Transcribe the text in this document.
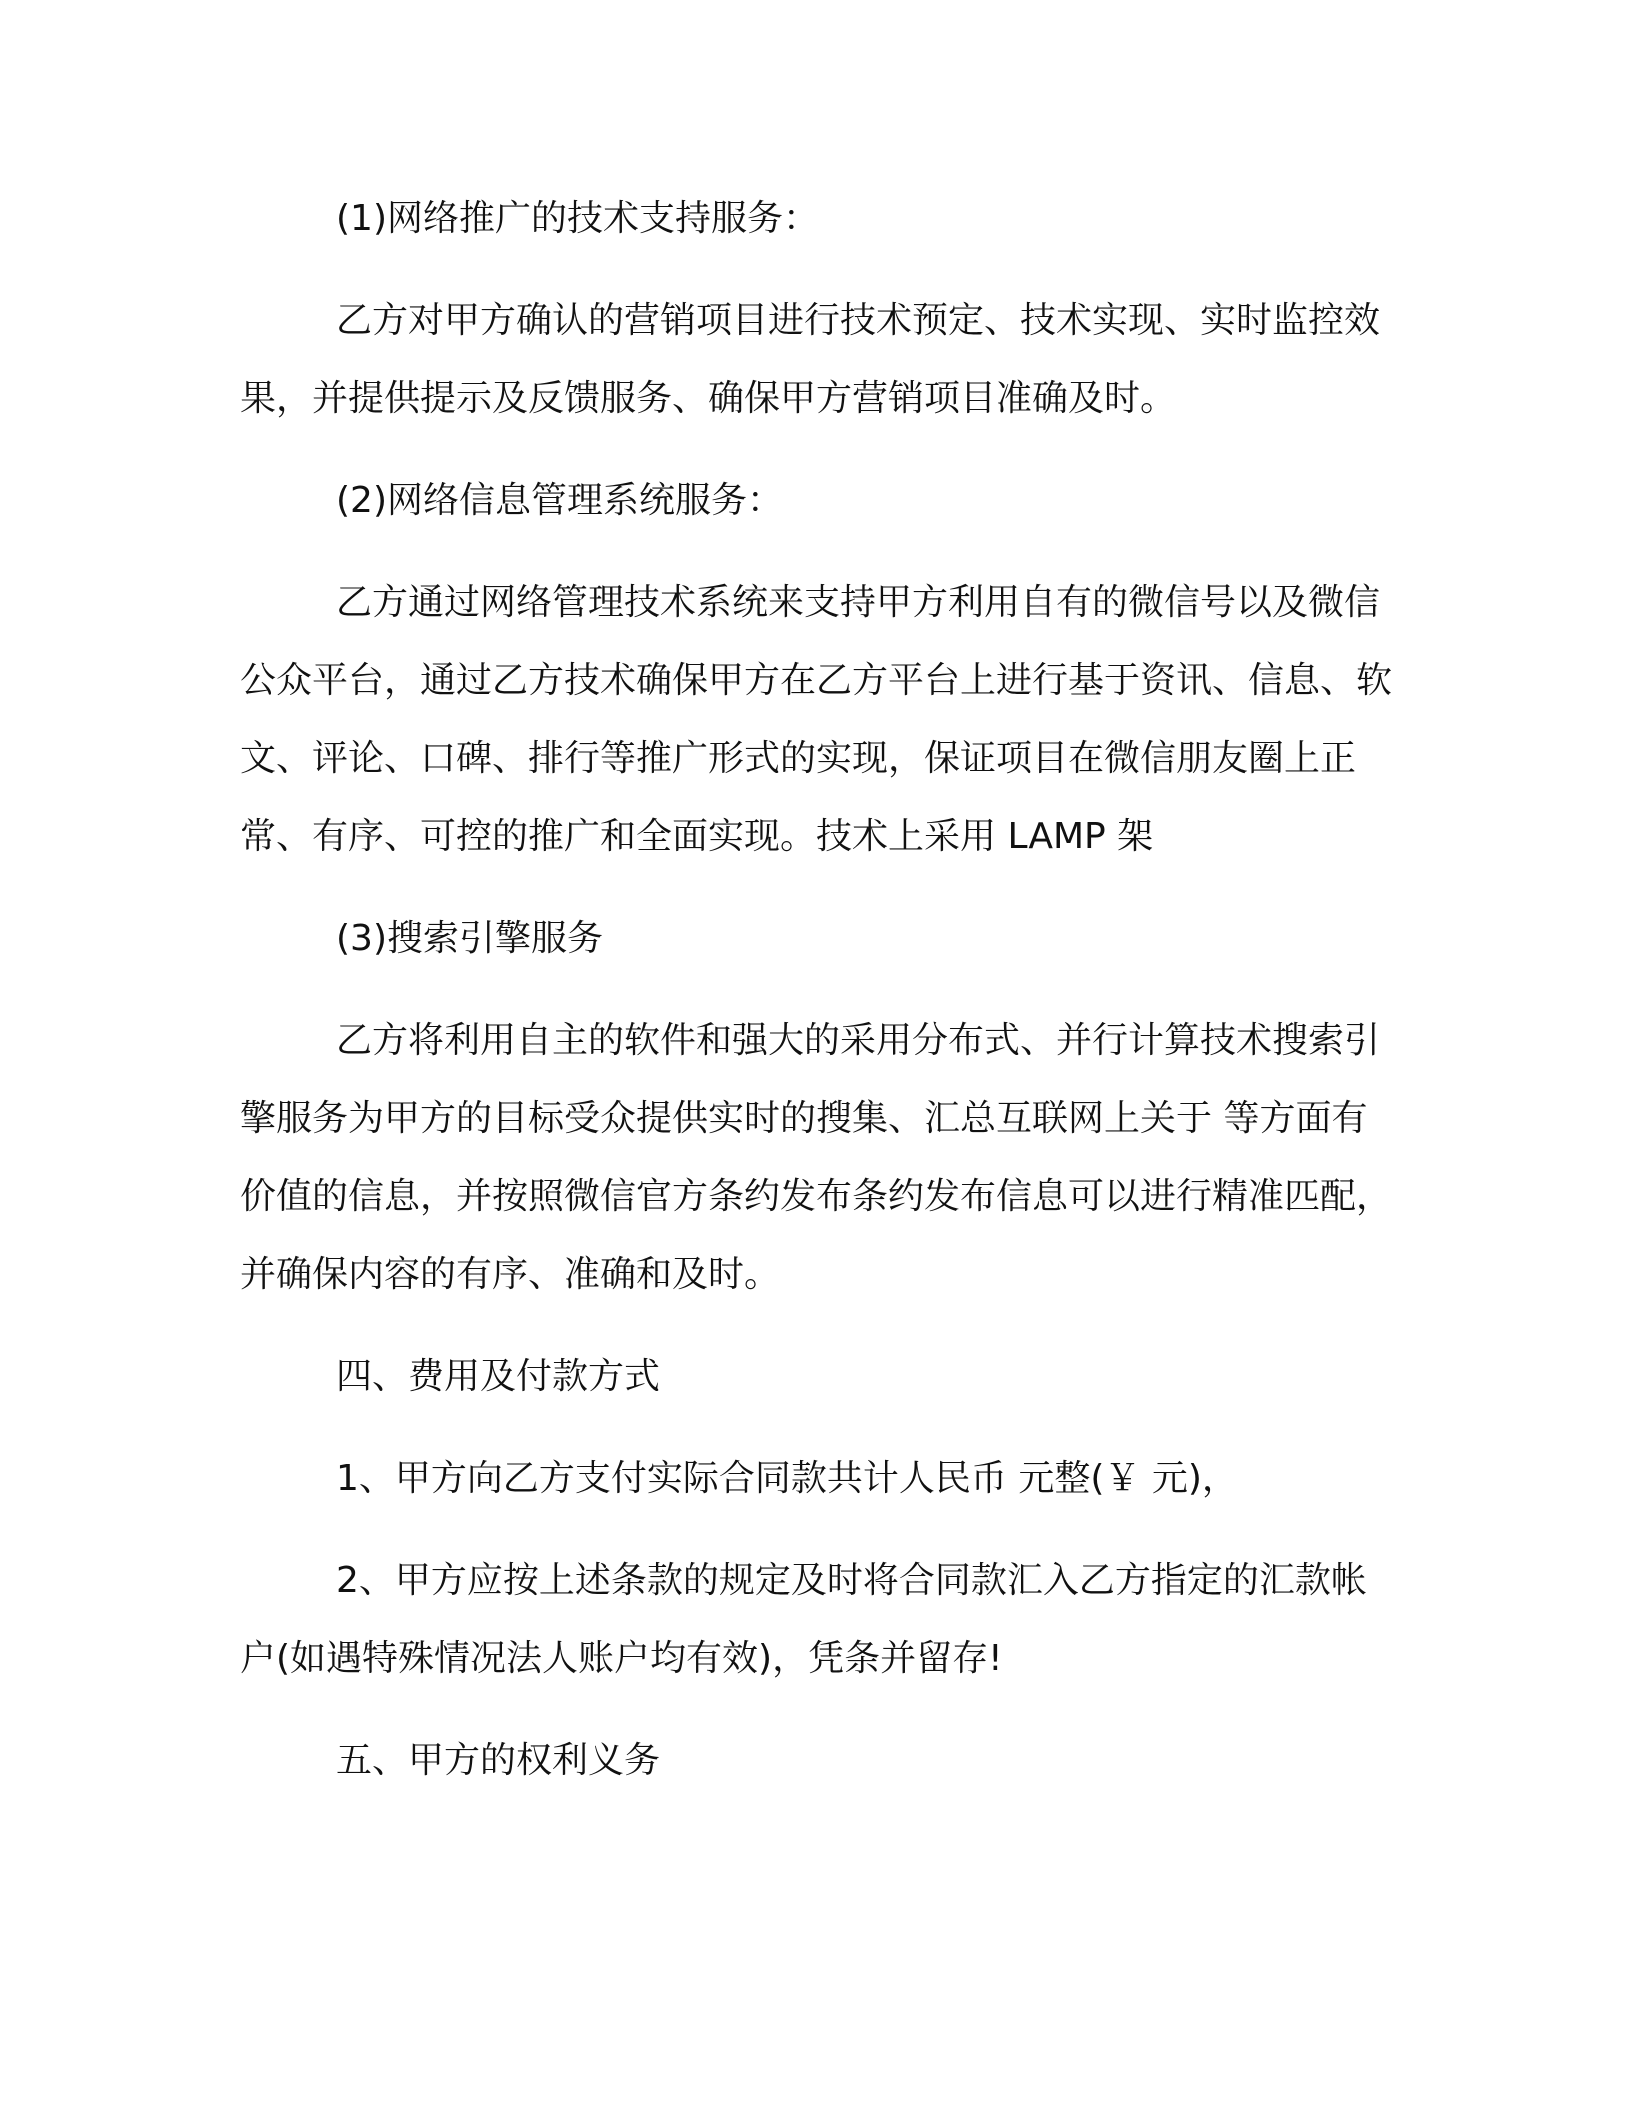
(1)网络推广的技术支持服务：

乙方对甲方确认的营销项目进行技术预定、技术实现、实时监控效果，并提供提示及反馈服务、确保甲方营销项目准确及时。

(2)网络信息管理系统服务：

乙方通过网络管理技术系统来支持甲方利用自有的微信号以及微信公众平台，通过乙方技术确保甲方在乙方平台上进行基于资讯、信息、软文、评论、口碑、排行等推广形式的实现，保证项目在微信朋友圈上正常、有序、可控的推广和全面实现。技术上采用 LAMP 架

(3)搜索引擎服务

乙方将利用自主的软件和强大的采用分布式、并行计算技术搜索引擎服务为甲方的目标受众提供实时的搜集、汇总互联网上关于 等方面有价值的信息，并按照微信官方条约发布条约发布信息可以进行精准匹配，并确保内容的有序、准确和及时。

四、费用及付款方式

1、甲方向乙方支付实际合同款共计人民币 元整(￥ 元)，

2、甲方应按上述条款的规定及时将合同款汇入乙方指定的汇款帐户(如遇特殊情况法人账户均有效)，凭条并留存!

五、甲方的权利义务
